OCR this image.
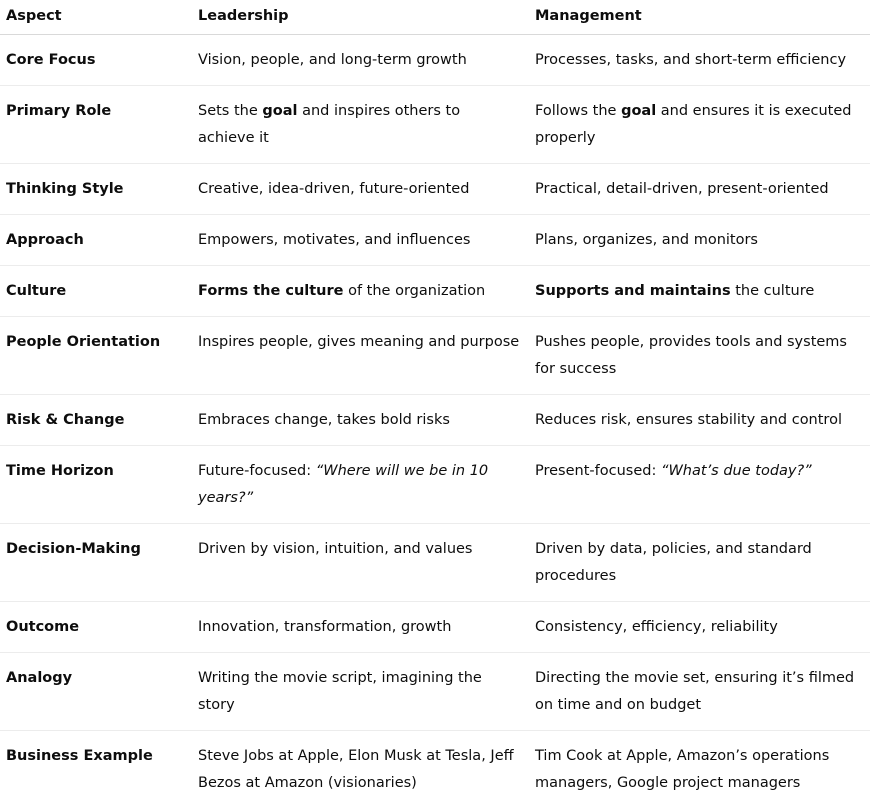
Aspect	Leadership	Management
Core Focus	Vision, people, and long-term growth	Processes, tasks, and short-term efficiency
Primary Role	Sets the goal and inspires others to achieve it	Follows the goal and ensures it is executed properly
Thinking Style	Creative, idea-driven, future-oriented	Practical, detail-driven, present-oriented
Approach	Empowers, motivates, and influences	Plans, organizes, and monitors
Culture	Forms the culture of the organization	Supports and maintains the culture
People Orientation	Inspires people, gives meaning and purpose	Pushes people, provides tools and systems for success
Risk & Change	Embraces change, takes bold risks	Reduces risk, ensures stability and control
Time Horizon	Future-focused: “Where will we be in 10 years?”	Present-focused: “What’s due today?”
Decision-Making	Driven by vision, intuition, and values	Driven by data, policies, and standard procedures
Outcome	Innovation, transformation, growth	Consistency, efficiency, reliability
Analogy	Writing the movie script, imagining the story	Directing the movie set, ensuring it’s filmed on time and on budget
Business Example	Steve Jobs at Apple, Elon Musk at Tesla, Jeff Bezos at Amazon (visionaries)	Tim Cook at Apple, Amazon’s operations managers, Google project managers
